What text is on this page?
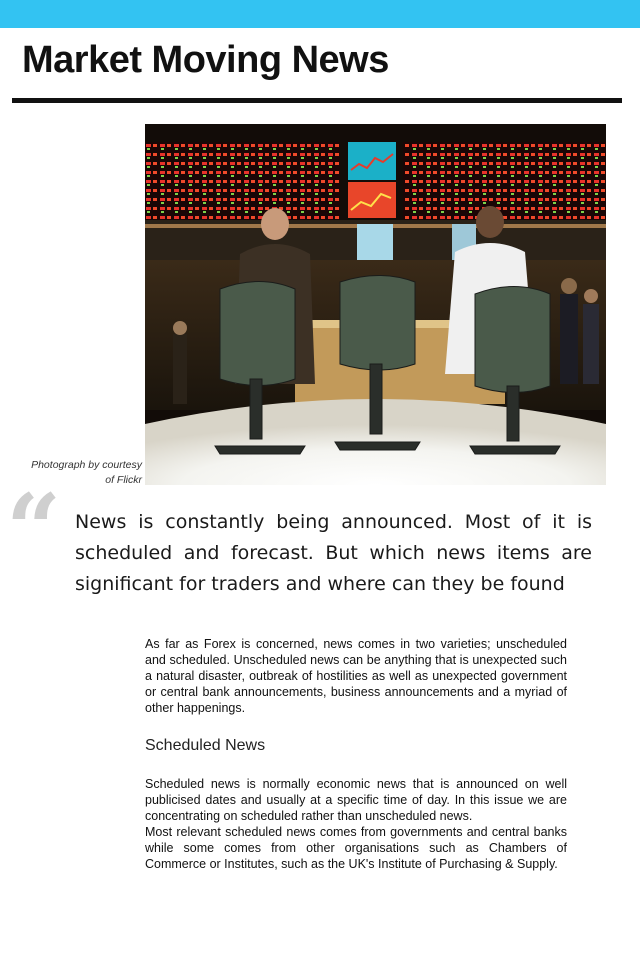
Market Moving News
Photograph by courtesy
of Flickr
“ News is constantly being announced. Most of it is scheduled and forecast. But which news items are significant for traders and where can they be found

As far as Forex is concerned, news comes in two varieties; unscheduled and scheduled. Unscheduled news can be anything that is unexpected such a natural disaster, outbreak of hostilities as well as unexpected government or central bank announcements, business announcements and a myriad of other happenings.

Scheduled News

Scheduled news is normally economic news that is announced on well publicised dates and usually at a specific time of day. In this issue we are concentrating on scheduled rather than unscheduled news.

Most relevant scheduled news comes from governments and central banks while some comes from other organisations such as Chambers of Commerce or Institutes, such as the UK's Institute of Purchasing & Supply.
